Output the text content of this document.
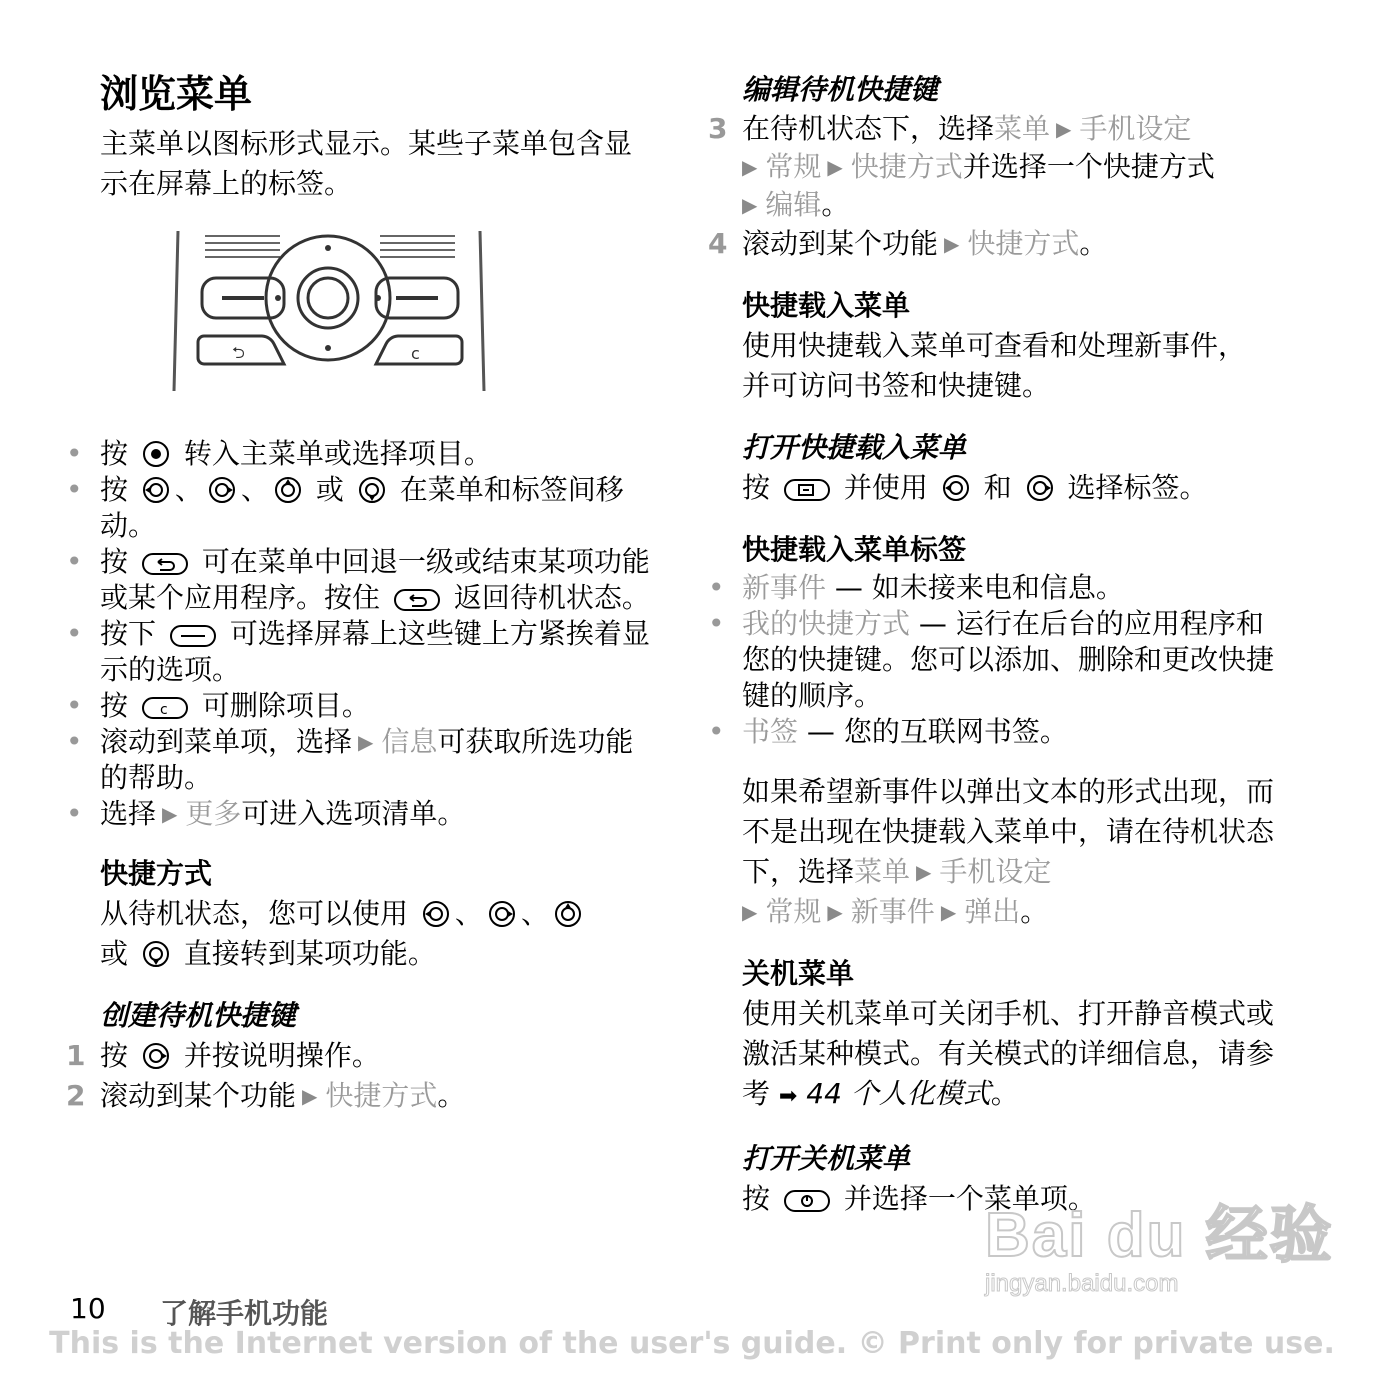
浏览菜单

主菜单以图标形式显示。某些子菜单包含显示在屏幕上的标签。

⮌	c
• 按 转入主菜单或选择项目。
• 按 、 、 或 在菜单和标签间移动。
• 按	可在菜单中回退一级或结束某项功能或某个应用程序。按住	返回待机状态。
• 按下	可选择屏幕上这些键上方紧挨着显示的选项。
• 按 c 可删除项目。
• 滚动到菜单项，选择 ▶ 信息可获取所选功能的帮助。
• 选择 ▶ 更多可进入选项清单。
快捷方式

从待机状态，您可以使用 、 、
或 直接转到某项功能。

创建待机快捷键
1 按 并按说明操作。
2 滚动到某个功能 ▶ 快捷方式。
编辑待机快捷键
3 在待机状态下，选择菜单 ▶ 手机设定
▶ 常规 ▶ 快捷方式并选择一个快捷方式
▶ 编辑。
4 滚动到某个功能 ▶ 快捷方式。
快捷载入菜单

使用快捷载入菜单可查看和处理新事件，并可访问书签和快捷键。

打开快捷载入菜单

按	并使用 和 选择标签。

快捷载入菜单标签
• 新事件 — 如未接来电和信息。
• 我的快捷方式 — 运行在后台的应用程序和您的快捷键。您可以添加、删除和更改快捷键的顺序。
• 书签 — 您的互联网书签。

如果希望新事件以弹出文本的形式出现，而不是出现在快捷载入菜单中，请在待机状态下，选择菜单 ▶ 手机设定
▶ 常规 ▶ 新事件 ▶ 弹出。

关机菜单

使用关机菜单可关闭手机、打开静音模式或激活某种模式。有关模式的详细信息，请参考 ➡ 44 个人化模式。

打开关机菜单

按	并选择一个菜单项。

Bai du 经验
jingyan.baidu.com
10 了解手机功能
This is the Internet version of the user's guide. © Print only for private use.
